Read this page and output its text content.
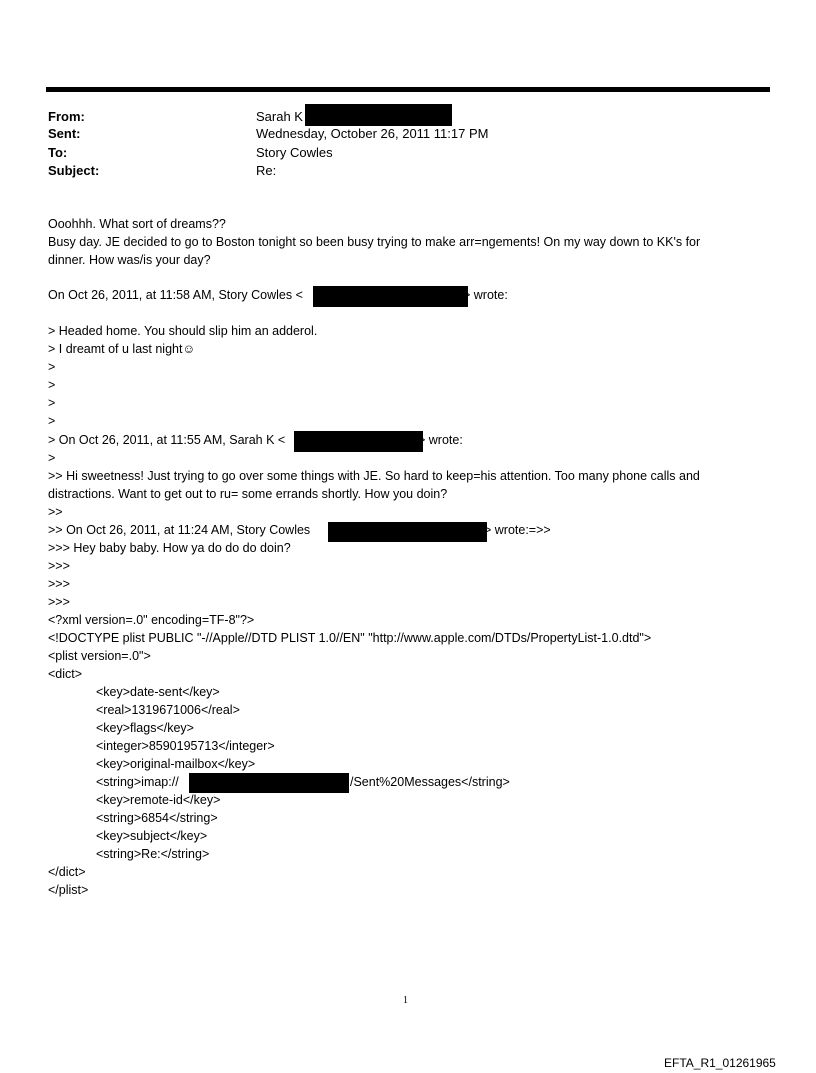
From:	Sarah K
Sent:	Wednesday, October 26, 2011 11:17 PM
To:	Story Cowles
Subject:	Re:
Ooohhh. What sort of dreams??
Busy day. JE decided to go to Boston tonight so been busy trying to make arr=ngements! On my way down to KK's for
dinner. How was/is your day?
On Oct 26, 2011, at 11:58 AM, Story Cowles <	> wrote:
> Headed home. You should slip him an adderol.
> I dreamt of u last night☺
>
>
>
>
> On Oct 26, 2011, at 11:55 AM, Sarah K <	> wrote:
>
>> Hi sweetness! Just trying to go over some things with JE. So hard to keep=his attention. Too many phone calls and
distractions. Want to get out to ru= some errands shortly. How you doin?
>>
>> On Oct 26, 2011, at 11:24 AM, Story Cowles	> wrote:=>>
>>> Hey baby baby. How ya do do do doin?
>>>
>>>
>>>
<?xml version=.0" encoding=TF-8"?>
<!DOCTYPE plist PUBLIC "-//Apple//DTD PLIST 1.0//EN" "http://www.apple.com/DTDs/PropertyList-1.0.dtd">
<plist version=.0">
<dict>
<key>date-sent</key>
<real>1319671006</real>
<key>flags</key>
<integer>8590195713</integer>
<key>original-mailbox</key>
<string>imap://	/Sent%20Messages</string>
<key>remote-id</key>
<string>6854</string>
<key>subject</key>
<string>Re:</string>
</dict>
</plist>
1
EFTA_R1_01261965
